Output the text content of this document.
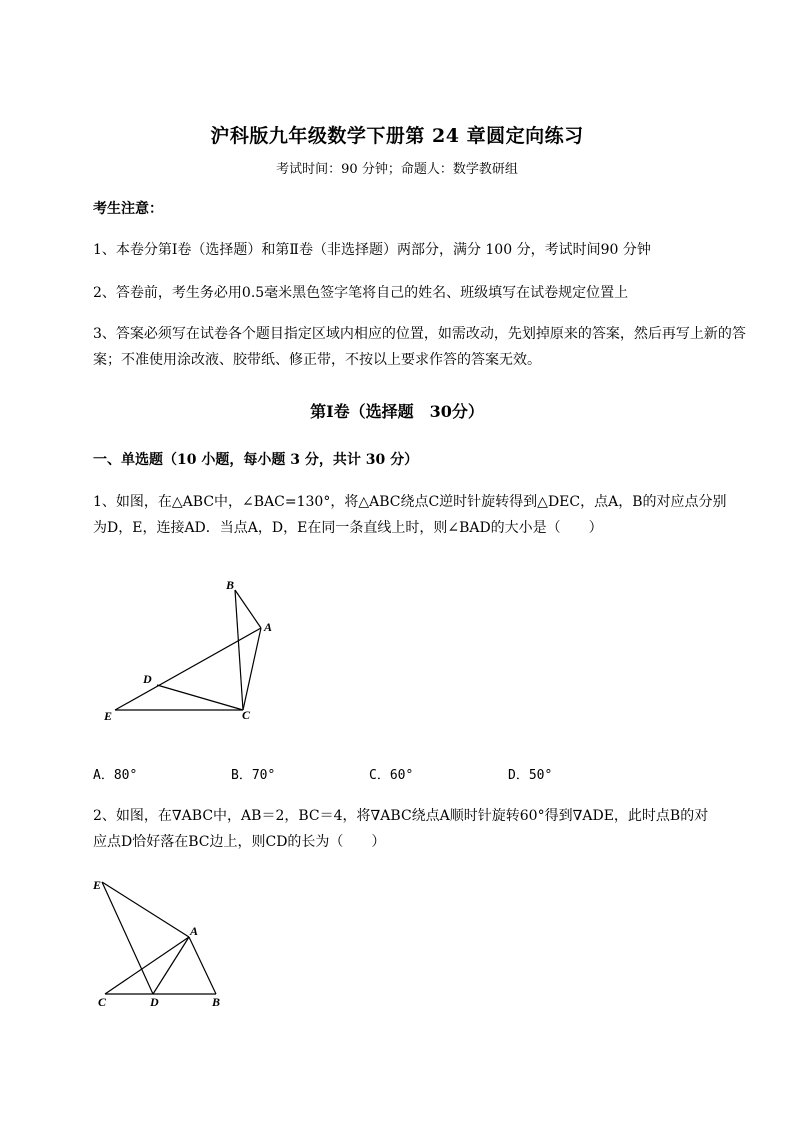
沪科版九年级数学下册第 24 章圆定向练习
考试时间：90 分钟；命题人：数学教研组
考生注意：
1、本卷分第Ⅰ卷（选择题）和第Ⅱ卷（非选择题）两部分，满分 100 分，考试时间90 分钟
2、答卷前，考生务必用0.5毫米黑色签字笔将自己的姓名、班级填写在试卷规定位置上
3、答案必须写在试卷各个题目指定区域内相应的位置，如需改动，先划掉原来的答案，然后再写上新的答案；不准使用涂改液、胶带纸、修正带，不按以上要求作答的答案无效。
第Ⅰ卷（选择题　30分）
一、单选题（10 小题，每小题 3 分，共计 30 分）
1、如图，在△ABC中，∠BAC=130°，将△ABC绕点C逆时针旋转得到△DEC，点A，B的对应点分别
为D，E，连接AD．当点A，D，E在同一条直线上时，则∠BAD的大小是（　　）
B
A
D
E	C
A．80°	B．70°	C．60°	D．50°
2、如图，在∇ABC中，AB＝2，BC＝4，将∇ABC绕点A顺时针旋转60°得到∇ADE，此时点B的对
应点D恰好落在BC边上，则CD的长为（　　）
E
A
C	D	B
